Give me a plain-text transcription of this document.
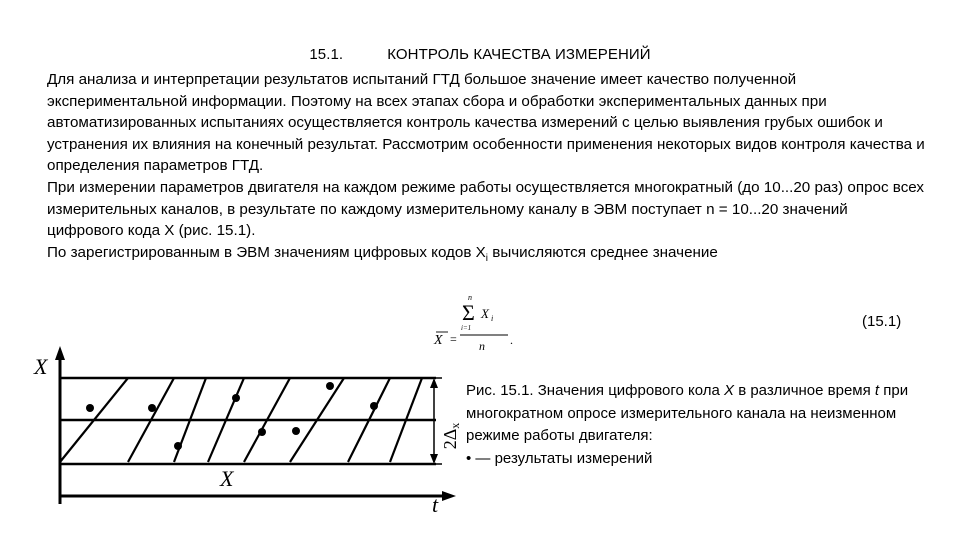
15.1.	КОНТРОЛЬ КАЧЕСТВА ИЗМЕРЕНИЙ

Для анализа и интерпретации результатов испытаний ГТД большое значение имеет качество полученной экспериментальной информации. Поэтому на всех этапах сбора и обработки экспериментальных данных при автоматизированных испытаниях осуществляется контроль качества измерений с целью выявления грубых ошибок и устранения их влияния на конечный результат. Рассмотрим особенности применения некоторых видов контроля качества и определения параметров ГТД.

При измерении параметров двигателя на каждом режиме работы осуществляется многократный (до 10...20 раз) опрос всех измерительных каналов, в результате по каждому измерительному каналу в ЭВМ поступает n = 10...20 значений цифрового кода X (рис. 15.1).

По зарегистрированным в ЭВМ значениям цифровых кодов $X_i$ вычисляются среднее значение

X =
n
Σ
i=1
X i
n .
(15.1)
X
t
X
2Δx

Рис. 15.1. Значения цифрового кола X в различное время t при многократном опросе измерительного канала на неизменном режиме работы двигателя:

• — результаты измерений
